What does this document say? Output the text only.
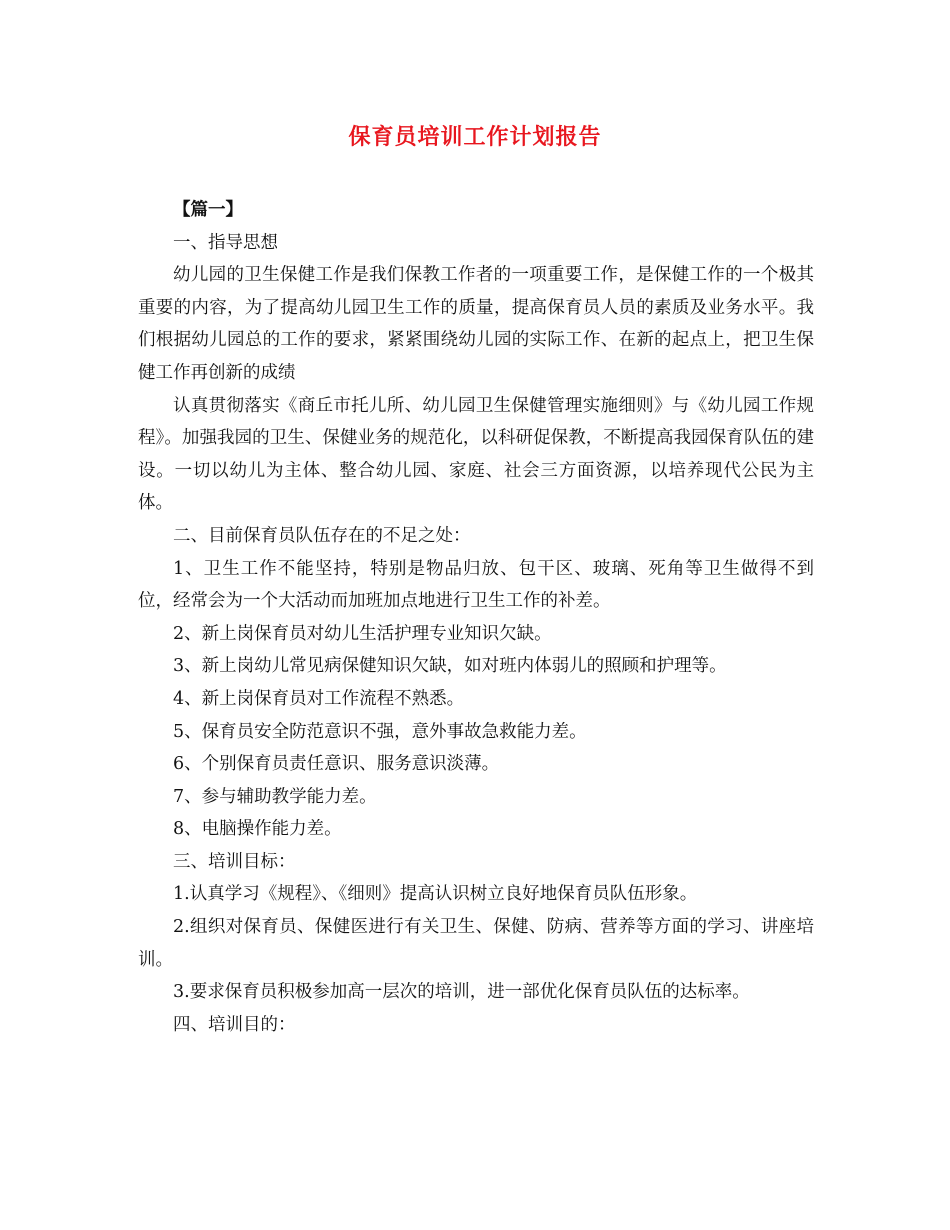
保育员培训工作计划报告

【篇一】

一、指导思想

幼儿园的卫生保健工作是我们保教工作者的一项重要工作，是保健工作的一个极其重要的内容，为了提高幼儿园卫生工作的质量，提高保育员人员的素质及业务水平。我们根据幼儿园总的工作的要求，紧紧围绕幼儿园的实际工作、在新的起点上，把卫生保健工作再创新的成绩

认真贯彻落实《商丘市托儿所、幼儿园卫生保健管理实施细则》与《幼儿园工作规程》。加强我园的卫生、保健业务的规范化，以科研促保教，不断提高我园保育队伍的建设。一切以幼儿为主体、整合幼儿园、家庭、社会三方面资源，以培养现代公民为主体。

二、目前保育员队伍存在的不足之处：

1、卫生工作不能坚持，特别是物品归放、包干区、玻璃、死角等卫生做得不到位，经常会为一个大活动而加班加点地进行卫生工作的补差。

2、新上岗保育员对幼儿生活护理专业知识欠缺。

3、新上岗幼儿常见病保健知识欠缺，如对班内体弱儿的照顾和护理等。

4、新上岗保育员对工作流程不熟悉。

5、保育员安全防范意识不强，意外事故急救能力差。

6、个别保育员责任意识、服务意识淡薄。

7、参与辅助教学能力差。

8、电脑操作能力差。

三、培训目标：

1.认真学习《规程》、《细则》提高认识树立良好地保育员队伍形象。

2.组织对保育员、保健医进行有关卫生、保健、防病、营养等方面的学习、讲座培训。

3.要求保育员积极参加高一层次的培训，进一部优化保育员队伍的达标率。

四、培训目的：
